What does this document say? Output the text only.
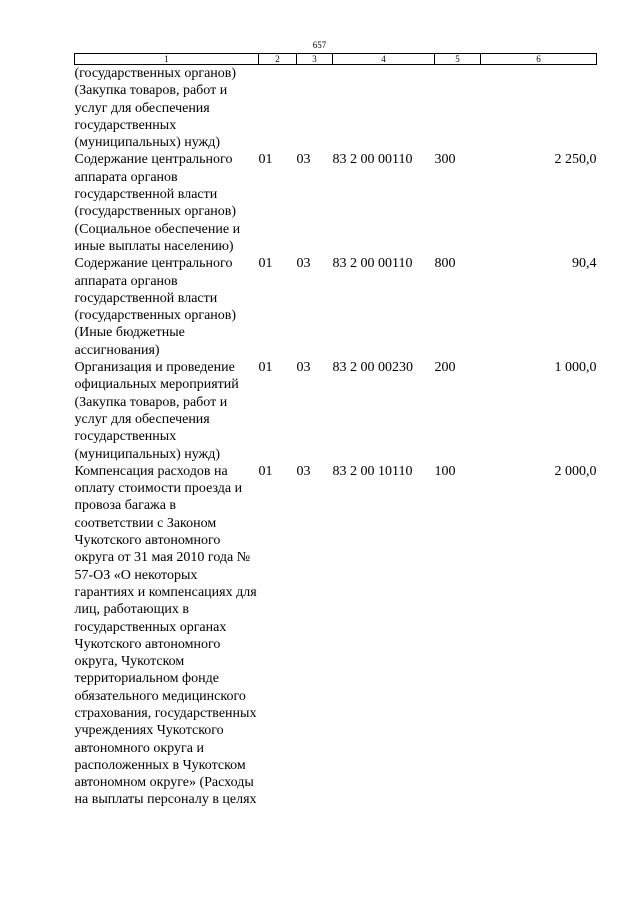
657
1	2	3	4	5	6
(государственных органов) (Закупка товаров, работ и услуг для обеспечения государственных (муниципальных) нужд)					
Содержание центрального аппарата органов государственной власти (государственных органов) (Социальное обеспечение и иные выплаты населению)	01	03	83 2 00 00110	300	2 250,0
Содержание центрального аппарата органов государственной власти (государственных органов) (Иные бюджетные ассигнования)	01	03	83 2 00 00110	800	90,4
Организация и проведение официальных мероприятий (Закупка товаров, работ и услуг для обеспечения государственных (муниципальных) нужд)	01	03	83 2 00 00230	200	1 000,0
Компенсация расходов на оплату стоимости проезда и провоза багажа в соответствии с Законом Чукотского автономного округа от 31 мая 2010 года № 57-ОЗ «О некоторых гарантиях и компенсациях для лиц, работающих в государственных органах Чукотского автономного округа, Чукотском территориальном фонде обязательного медицинского страхования, государственных учреждениях Чукотского автономного округа и расположенных в Чукотском автономном округе» (Расходы на выплаты персоналу в целях	01	03	83 2 00 10110	100	2 000,0
